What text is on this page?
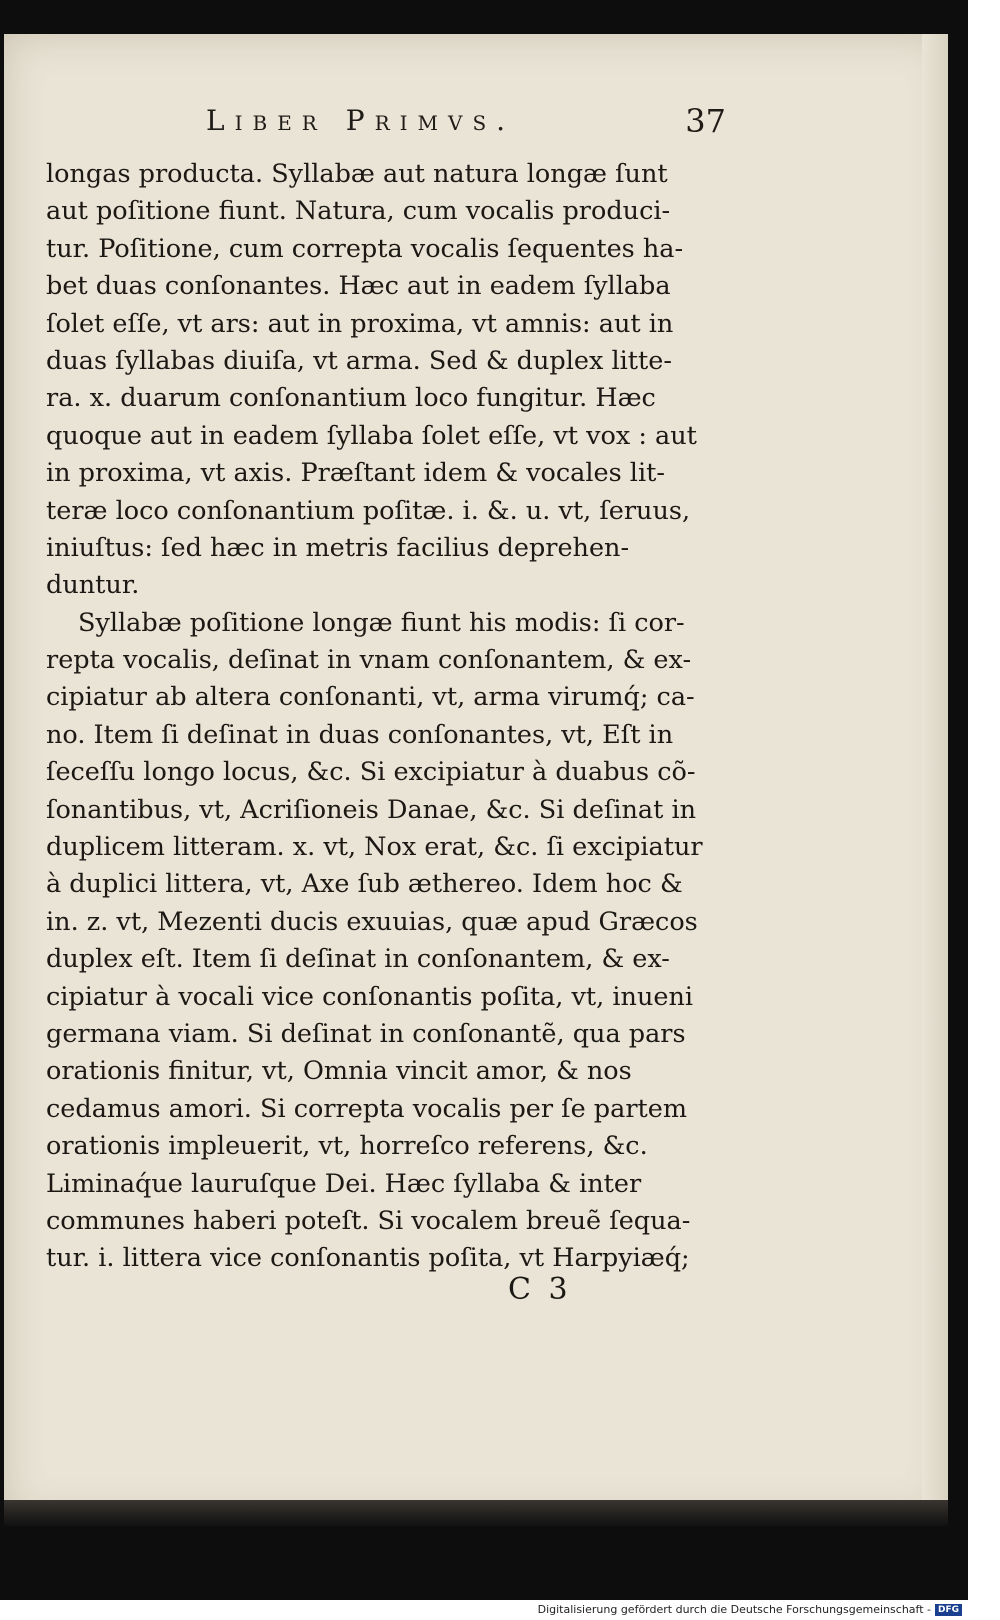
Liber Primvs.	37
longas producta. Syllabæ aut natura longæ ſunt
aut poſitione fiunt. Natura, cum vocalis produci-
tur. Poſitione, cum correpta vocalis ſequentes ha-
bet duas conſonantes. Hæc aut in eadem ſyllaba
ſolet eſſe, vt ars: aut in proxima, vt amnis: aut in
duas ſyllabas diuiſa, vt arma. Sed & duplex litte-
ra. x. duarum conſonantium loco fungitur. Hæc
quoque aut in eadem ſyllaba ſolet eſſe, vt vox : aut
in proxima, vt axis. Præſtant idem & vocales lit-
teræ loco conſonantium poſitæ. i. &. u. vt, ſeruus,
iniuſtus: ſed hæc in metris facilius deprehen-
duntur.
Syllabæ poſitione longæ fiunt his modis: ſi cor-
repta vocalis, deſinat in vnam conſonantem, & ex-
cipiatur ab altera conſonanti, vt, arma virumq́; ca-
no. Item ſi deſinat in duas conſonantes, vt, Eſt in
ſeceſſu longo locus, &c. Si excipiatur à duabus cõ-
ſonantibus, vt, Acriſioneis Danae, &c. Si deſinat in
duplicem litteram. x. vt, Nox erat, &c. ſi excipiatur
à duplici littera, vt, Axe ſub æthereo. Idem hoc &
in. z. vt, Mezenti ducis exuuias, quæ apud Græcos
duplex eſt. Item ſi deſinat in conſonantem, & ex-
cipiatur à vocali vice conſonantis poſita, vt, inueni
germana viam. Si deſinat in conſonantẽ, qua pars
orationis finitur, vt, Omnia vincit amor, & nos
cedamus amori. Si correpta vocalis per ſe partem
orationis impleuerit, vt, horreſco referens, &c.
Liminaq́ue lauruſque Dei. Hæc ſyllaba & inter
communes haberi poteſt. Si vocalem breuẽ ſequa-
tur. i. littera vice conſonantis poſita, vt Harpyiæq́;
C 3
Digitalisierung gefördert durch die Deutsche Forschungsgemeinschaft - DFG
